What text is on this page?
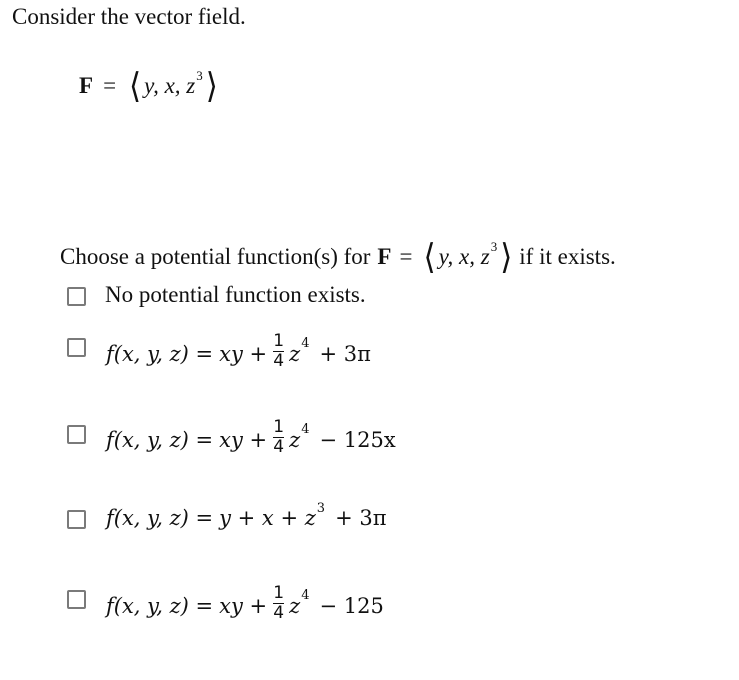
Consider the vector field.
F = ⟨ y, x, $z^3$ ⟩
Choose a potential function(s) for F = ⟨ y, x, $z^3$ ⟩ if it exists.
No potential function exists.
f(x, y, z) = xy + $\frac{1}{4} z^4 + 3\pi$
f(x, y, z) = xy + $\frac{1}{4} z^4 - 125x$
f(x, y, $z) = y + x + z^3 + 3\pi$
f(x, y, z) = xy + $\frac{1}{4} z^4 - 125$
